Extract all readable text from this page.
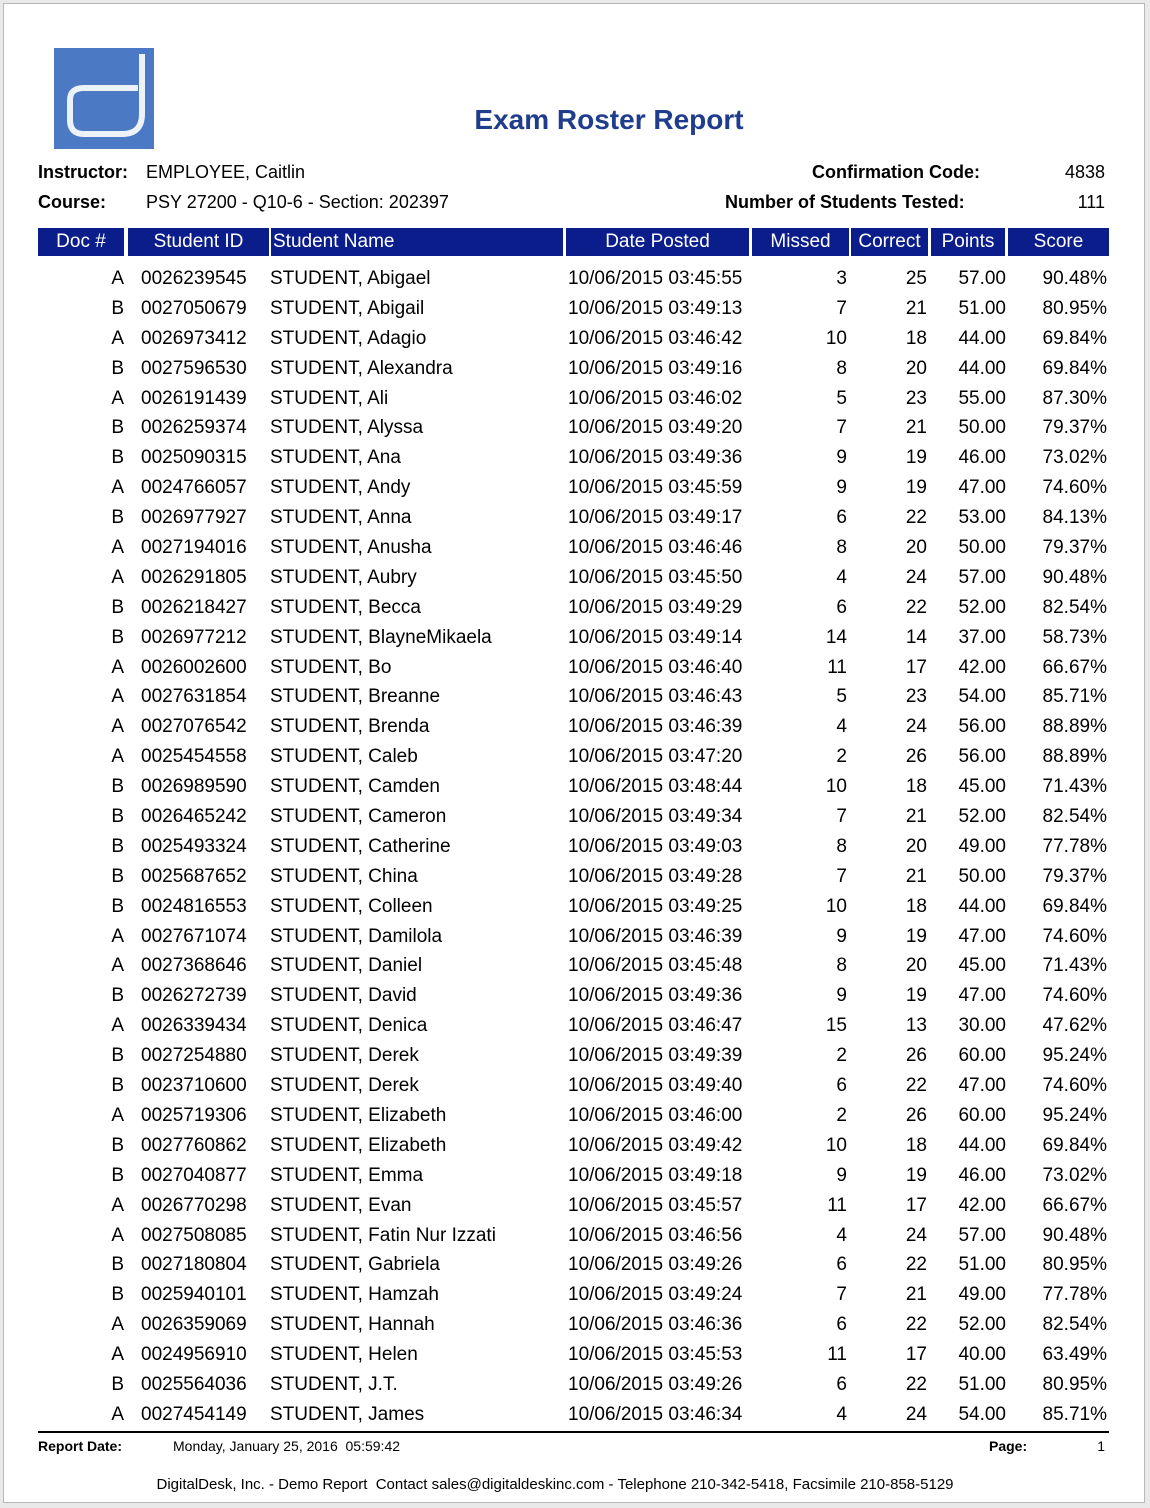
Exam Roster Report
Instructor: EMPLOYEE, Caitlin
Course: PSY 27200 - Q10-6 - Section: 202397
Confirmation Code:	4838
Number of Students Tested:	111
Doc #	Student ID	Student Name	Date Posted	Missed	Correct	Points	Score
A 0026239545 STUDENT, Abigael	10/06/2015 03:45:55	3	25 57.00 90.48%
B 0027050679 STUDENT, Abigail	10/06/2015 03:49:13	7	21 51.00 80.95%
A 0026973412 STUDENT, Adagio	10/06/2015 03:46:42	10	18 44.00 69.84%
B 0027596530 STUDENT, Alexandra	10/06/2015 03:49:16	8	20 44.00 69.84%
A 0026191439 STUDENT, Ali	10/06/2015 03:46:02	5	23 55.00 87.30%
B 0026259374 STUDENT, Alyssa	10/06/2015 03:49:20	7	21 50.00 79.37%
B 0025090315 STUDENT, Ana	10/06/2015 03:49:36	9	19 46.00 73.02%
A 0024766057 STUDENT, Andy	10/06/2015 03:45:59	9	19 47.00 74.60%
B 0026977927 STUDENT, Anna	10/06/2015 03:49:17	6	22 53.00 84.13%
A 0027194016 STUDENT, Anusha	10/06/2015 03:46:46	8	20 50.00 79.37%
A 0026291805 STUDENT, Aubry	10/06/2015 03:45:50	4	24 57.00 90.48%
B 0026218427 STUDENT, Becca	10/06/2015 03:49:29	6	22 52.00 82.54%
B 0026977212 STUDENT, BlayneMikaela	10/06/2015 03:49:14	14	14 37.00 58.73%
A 0026002600 STUDENT, Bo	10/06/2015 03:46:40	11	17 42.00 66.67%
A 0027631854 STUDENT, Breanne	10/06/2015 03:46:43	5	23 54.00 85.71%
A 0027076542 STUDENT, Brenda	10/06/2015 03:46:39	4	24 56.00 88.89%
A 0025454558 STUDENT, Caleb	10/06/2015 03:47:20	2	26 56.00 88.89%
B 0026989590 STUDENT, Camden	10/06/2015 03:48:44	10	18 45.00 71.43%
B 0026465242 STUDENT, Cameron	10/06/2015 03:49:34	7	21 52.00 82.54%
B 0025493324 STUDENT, Catherine	10/06/2015 03:49:03	8	20 49.00 77.78%
B 0025687652 STUDENT, China	10/06/2015 03:49:28	7	21 50.00 79.37%
B 0024816553 STUDENT, Colleen	10/06/2015 03:49:25	10	18 44.00 69.84%
A 0027671074 STUDENT, Damilola	10/06/2015 03:46:39	9	19 47.00 74.60%
A 0027368646 STUDENT, Daniel	10/06/2015 03:45:48	8	20 45.00 71.43%
B 0026272739 STUDENT, David	10/06/2015 03:49:36	9	19 47.00 74.60%
A 0026339434 STUDENT, Denica	10/06/2015 03:46:47	15	13 30.00 47.62%
B 0027254880 STUDENT, Derek	10/06/2015 03:49:39	2	26 60.00 95.24%
B 0023710600 STUDENT, Derek	10/06/2015 03:49:40	6	22 47.00 74.60%
A 0025719306 STUDENT, Elizabeth	10/06/2015 03:46:00	2	26 60.00 95.24%
B 0027760862 STUDENT, Elizabeth	10/06/2015 03:49:42	10	18 44.00 69.84%
B 0027040877 STUDENT, Emma	10/06/2015 03:49:18	9	19 46.00 73.02%
A 0026770298 STUDENT, Evan	10/06/2015 03:45:57	11	17 42.00 66.67%
A 0027508085 STUDENT, Fatin Nur Izzati	10/06/2015 03:46:56	4	24 57.00 90.48%
B 0027180804 STUDENT, Gabriela	10/06/2015 03:49:26	6	22 51.00 80.95%
B 0025940101 STUDENT, Hamzah	10/06/2015 03:49:24	7	21 49.00 77.78%
A 0026359069 STUDENT, Hannah	10/06/2015 03:46:36	6	22 52.00 82.54%
A 0024956910 STUDENT, Helen	10/06/2015 03:45:53	11	17 40.00 63.49%
B 0025564036 STUDENT, J.T.	10/06/2015 03:49:26	6	22 51.00 80.95%
A 0027454149 STUDENT, James	10/06/2015 03:46:34	4	24 54.00 85.71%
Report Date:	Monday, January 25, 2016  05:59:42	Page:	1
DigitalDesk, Inc. - Demo Report  Contact sales@digitaldeskinc.com - Telephone 210-342-5418, Facsimile 210-858-5129
